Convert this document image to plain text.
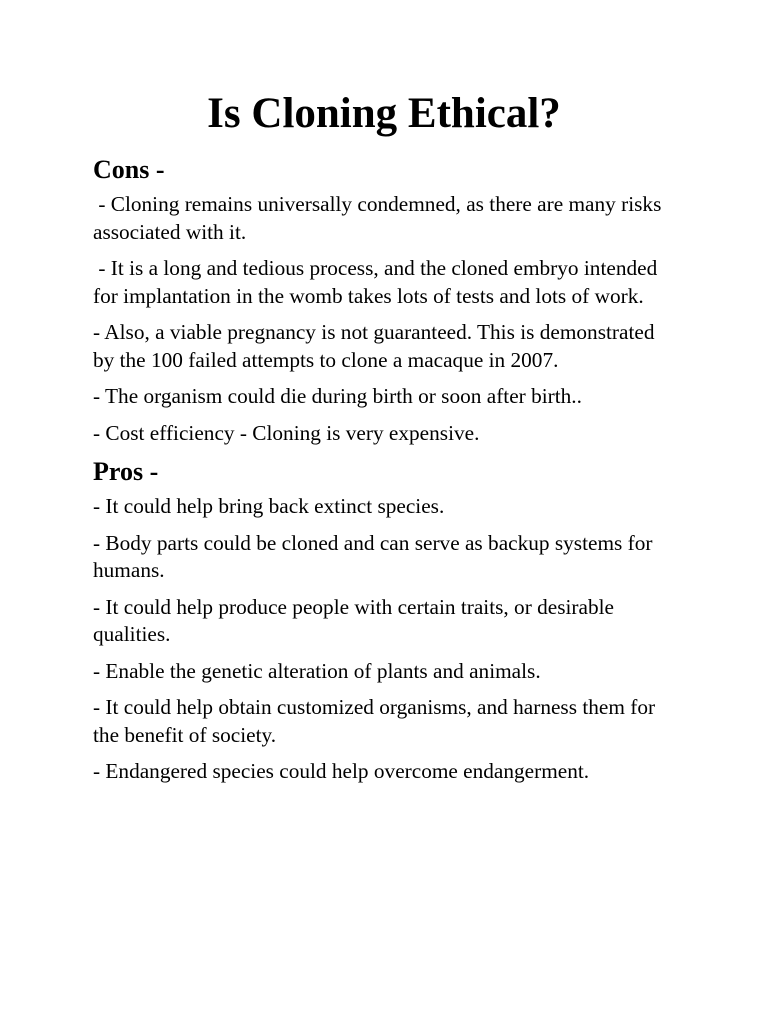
Is Cloning Ethical?
Cons -
- Cloning remains universally condemned, as there are many risks associated with it.
- It is a long and tedious process, and the cloned embryo intended for implantation in the womb takes lots of tests and lots of work.
- Also, a viable pregnancy is not guaranteed. This is demonstrated by the 100 failed attempts to clone a macaque in 2007.
- The organism could die during birth or soon after birth..
- Cost efficiency - Cloning is very expensive.
Pros -
- It could help bring back extinct species.
- Body parts could be cloned and can serve as backup systems for humans.
- It could help produce people with certain traits, or desirable qualities.
- Enable the genetic alteration of plants and animals.
- It could help obtain customized organisms, and harness them for the benefit of society.
- Endangered species could help overcome endangerment.
